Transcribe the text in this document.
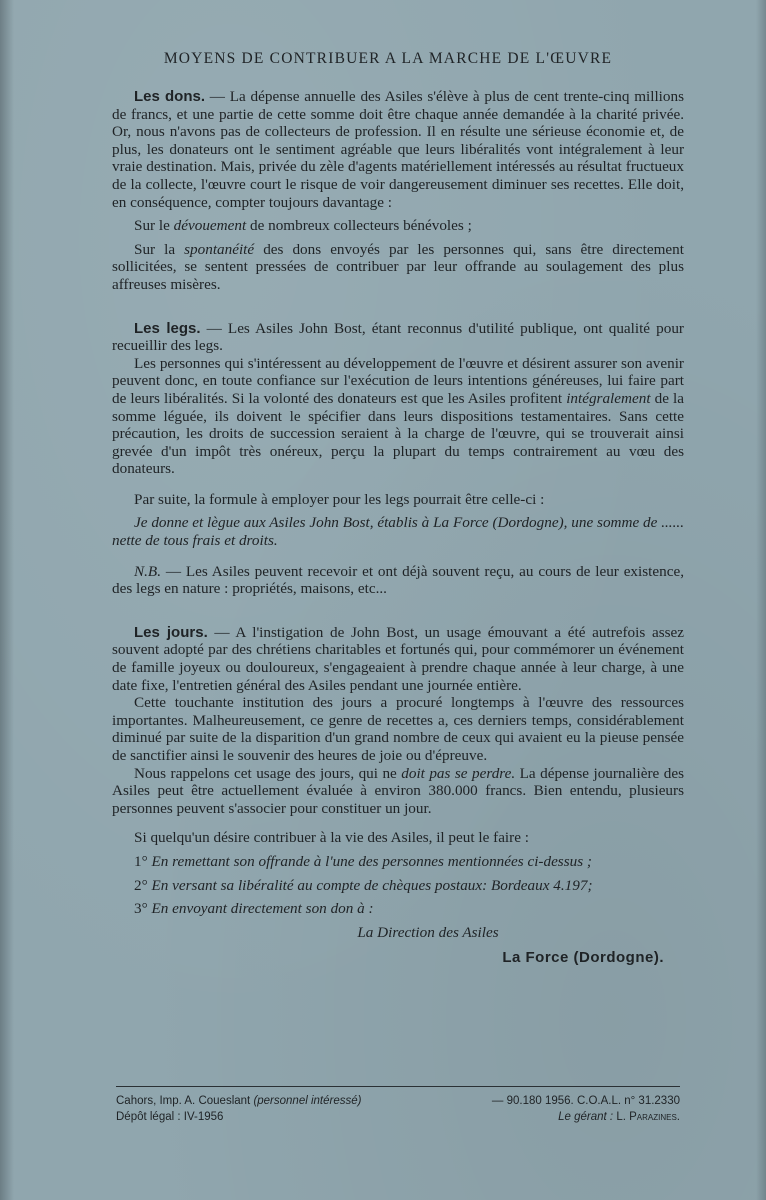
MOYENS DE CONTRIBUER A LA MARCHE DE L'ŒUVRE

Les dons. — La dépense annuelle des Asiles s'élève à plus de cent trente-cinq millions de francs, et une partie de cette somme doit être chaque année demandée à la charité privée. Or, nous n'avons pas de collecteurs de profession. Il en résulte une sérieuse économie et, de plus, les donateurs ont le sentiment agréable que leurs libéralités vont intégralement à leur vraie destination. Mais, privée du zèle d'agents matériellement intéressés au résultat fructueux de la collecte, l'œuvre court le risque de voir dangereusement diminuer ses recettes. Elle doit, en conséquence, compter toujours davantage :

Sur le dévouement de nombreux collecteurs bénévoles ;

Sur la spontanéité des dons envoyés par les personnes qui, sans être directement sollicitées, se sentent pressées de contribuer par leur offrande au soulagement des plus affreuses misères.

Les legs. — Les Asiles John Bost, étant reconnus d'utilité publique, ont qualité pour recueillir des legs.

Les personnes qui s'intéressent au développement de l'œuvre et désirent assurer son avenir peuvent donc, en toute confiance sur l'exécution de leurs intentions généreuses, lui faire part de leurs libéralités. Si la volonté des donateurs est que les Asiles profitent intégralement de la somme léguée, ils doivent le spécifier dans leurs dispositions testamentaires. Sans cette précaution, les droits de succession seraient à la charge de l'œuvre, qui se trouverait ainsi grevée d'un impôt très onéreux, perçu la plupart du temps contrairement au vœu des donateurs.

Par suite, la formule à employer pour les legs pourrait être celle-ci :

Je donne et lègue aux Asiles John Bost, établis à La Force (Dordogne), une somme de ...... nette de tous frais et droits.

N.B. — Les Asiles peuvent recevoir et ont déjà souvent reçu, au cours de leur existence, des legs en nature : propriétés, maisons, etc...

Les jours. — A l'instigation de John Bost, un usage émouvant a été autrefois assez souvent adopté par des chrétiens charitables et fortunés qui, pour commémorer un événement de famille joyeux ou douloureux, s'engageaient à prendre chaque année à leur charge, à une date fixe, l'entretien général des Asiles pendant une journée entière.

Cette touchante institution des jours a procuré longtemps à l'œuvre des ressources importantes. Malheureusement, ce genre de recettes a, ces derniers temps, considérablement diminué par suite de la disparition d'un grand nombre de ceux qui avaient eu la pieuse pensée de sanctifier ainsi le souvenir des heures de joie ou d'épreuve.

Nous rappelons cet usage des jours, qui ne doit pas se perdre. La dépense journalière des Asiles peut être actuellement évaluée à environ 380.000 francs. Bien entendu, plusieurs personnes peuvent s'associer pour constituer un jour.

Si quelqu'un désire contribuer à la vie des Asiles, il peut le faire :

1° En remettant son offrande à l'une des personnes mentionnées ci-dessus ;

2° En versant sa libéralité au compte de chèques postaux: Bordeaux 4.197;

3° En envoyant directement son don à :

La Direction des Asiles

La Force (Dordogne).

Cahors, Imp. A. Coueslant (personnel intéressé)	— 90.180 1956. C.O.A.L. n° 31.2330
Dépôt légal : IV-1956	Le gérant : L. Parazines.
